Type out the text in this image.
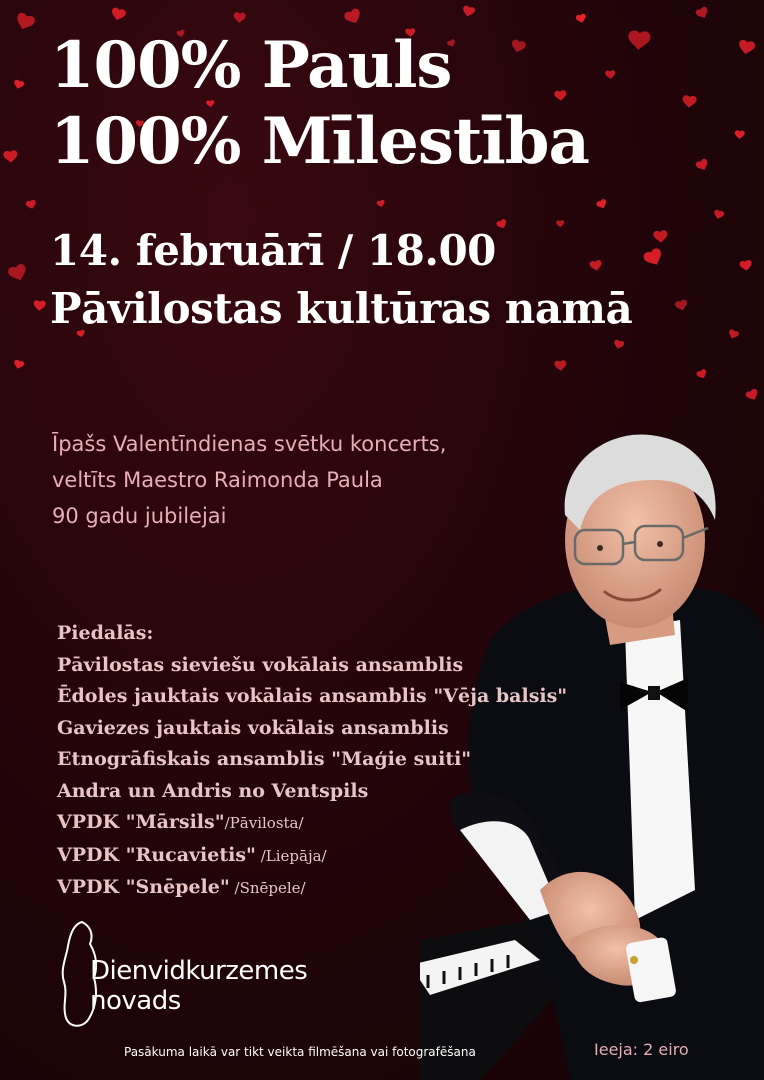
100% Pauls
100% Mīlestība
14. februārī / 18.00
Pāvilostas kultūras namā
Īpašs Valentīndienas svētku koncerts,
veltīts Maestro Raimonda Paula
90 gadu jubilejai
Piedalās:
Pāvilostas sieviešu vokālais ansamblis
Ēdoles jauktais vokālais ansamblis "Vēja balsis"
Gaviezes jauktais vokālais ansamblis
Etnogrāfiskais ansamblis "Maģie suiti"
Andra un Andris no Ventspils
VPDK "Mārsils"/Pāvilosta/
VPDK "Rucavietis" /Liepāja/
VPDK "Snēpele" /Snēpele/
Dienvidkurzemes
novads
Pasākuma laikā var tikt veikta filmēšana vai fotografēšana	Ieeja: 2 eiro
